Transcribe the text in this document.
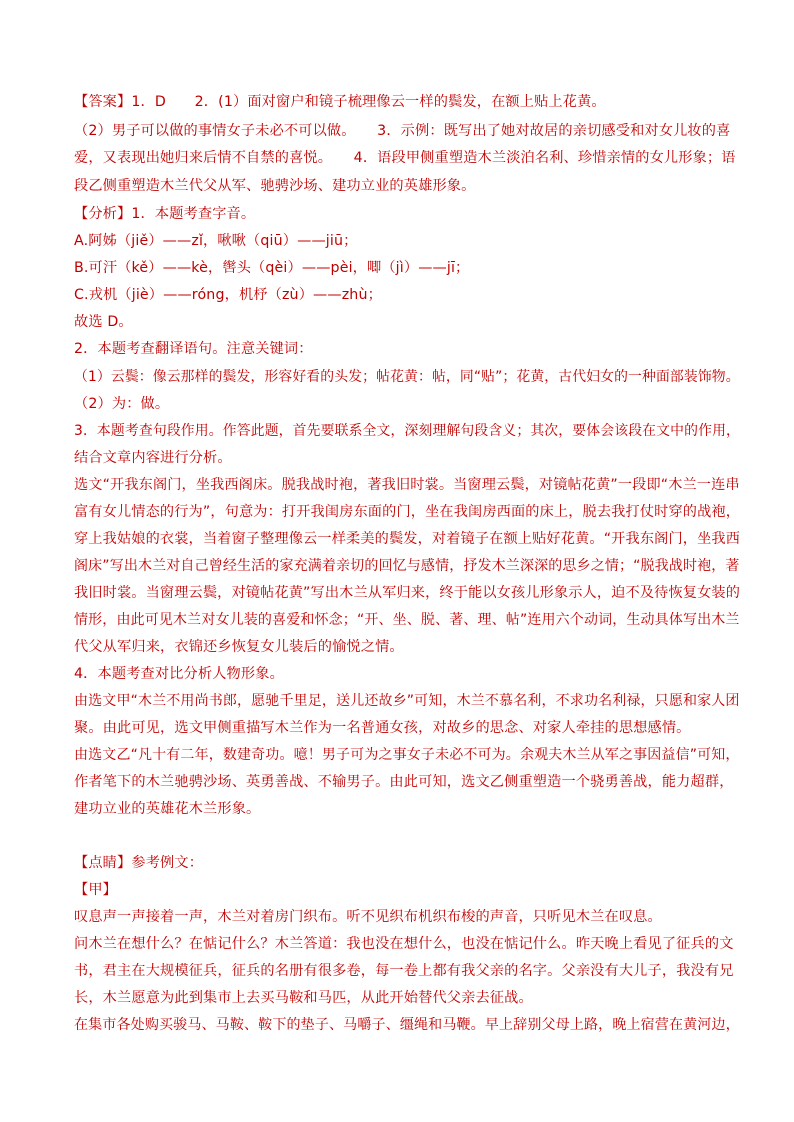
【答案】1．D　　2．(1）面对窗户和镜子梳理像云一样的鬓发，在额上贴上花黄。
（2）男子可以做的事情女子未必不可以做。　　3．示例：既写出了她对故居的亲切感受和对女儿妆的喜
爱，又表现出她归来后情不自禁的喜悦。　　4．语段甲侧重塑造木兰淡泊名利、珍惜亲情的女儿形象；语
段乙侧重塑造木兰代父从军、驰骋沙场、建功立业的英雄形象。
【分析】1．本题考查字音。
A.阿姊（jiě）——zǐ，啾啾（qiū）——jiū；
B.可汗（kě）——kè，辔头（qèi）——pèi，唧（jì）——jī；
C.戎机（jiè）——róng，机杼（zù）——zhù；
故选 D。
2．本题考查翻译语句。注意关键词：
（1）云鬓：像云那样的鬓发，形容好看的头发；帖花黄：帖，同“贴”；花黄，古代妇女的一种面部装饰物。
（2）为：做。
3．本题考查句段作用。作答此题，首先要联系全文，深刻理解句段含义；其次，要体会该段在文中的作用，
结合文章内容进行分析。
选文“开我东阁门，坐我西阁床。脱我战时袍，著我旧时裳。当窗理云鬓，对镜帖花黄”一段即“木兰一连串
富有女儿情态的行为”，句意为：打开我闺房东面的门，坐在我闺房西面的床上，脱去我打仗时穿的战袍，
穿上我姑娘的衣裳，当着窗子整理像云一样柔美的鬓发，对着镜子在额上贴好花黄。“开我东阁门，坐我西
阁床”写出木兰对自己曾经生活的家充满着亲切的回忆与感情，抒发木兰深深的思乡之情；“脱我战时袍，著
我旧时裳。当窗理云鬓，对镜帖花黄”写出木兰从军归来，终于能以女孩儿形象示人，迫不及待恢复女装的
情形，由此可见木兰对女儿装的喜爱和怀念；“开、坐、脱、著、理、帖”连用六个动词，生动具体写出木兰
代父从军归来，衣锦还乡恢复女儿装后的愉悦之情。
4．本题考查对比分析人物形象。
由选文甲“木兰不用尚书郎，愿驰千里足，送儿还故乡”可知，木兰不慕名利，不求功名利禄，只愿和家人团
聚。由此可见，选文甲侧重描写木兰作为一名普通女孩，对故乡的思念、对家人牵挂的思想感情。
由选文乙“凡十有二年，数建奇功。噫！男子可为之事女子未必不可为。余观夫木兰从军之事因益信”可知，
作者笔下的木兰驰骋沙场、英勇善战、不输男子。由此可知，选文乙侧重塑造一个骁勇善战，能力超群，
建功立业的英雄花木兰形象。
【点睛】参考例文：
【甲】
叹息声一声接着一声，木兰对着房门织布。听不见织布机织布梭的声音，只听见木兰在叹息。
问木兰在想什么？在惦记什么？木兰答道：我也没在想什么，也没在惦记什么。昨天晚上看见了征兵的文
书，君主在大规模征兵，征兵的名册有很多卷，每一卷上都有我父亲的名字。父亲没有大儿子，我没有兄
长，木兰愿意为此到集市上去买马鞍和马匹，从此开始替代父亲去征战。
在集市各处购买骏马、马鞍、鞍下的垫子、马嚼子、缰绳和马鞭。早上辞别父母上路，晚上宿营在黄河边，
